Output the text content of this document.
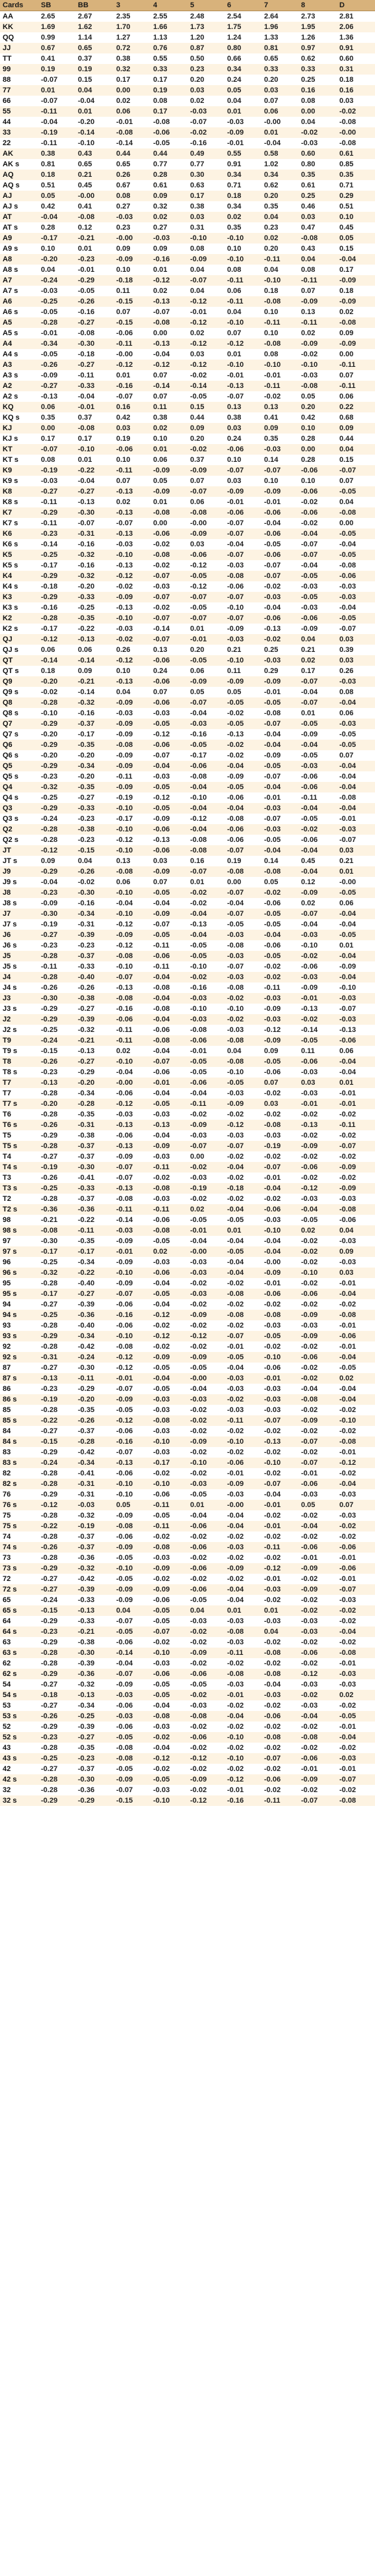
Cards	SB	BB	3	4	5	6	7	8	D
AA	2.65	2.67	2.35	2.55	2.48	2.54	2.64	2.73	2.81
KK	1.69	1.62	1.70	1.66	1.73	1.75	1.96	1.95	2.06
QQ	0.99	1.14	1.27	1.13	1.20	1.24	1.33	1.26	1.36
JJ	0.67	0.65	0.72	0.76	0.87	0.80	0.81	0.97	0.91
TT	0.41	0.37	0.38	0.55	0.50	0.66	0.65	0.62	0.60
99	0.19	0.19	0.32	0.33	0.23	0.34	0.33	0.33	0.31
88	-0.07	0.15	0.17	0.17	0.20	0.24	0.20	0.25	0.18
77	0.01	0.04	0.00	0.19	0.03	0.05	0.03	0.16	0.16
66	-0.07	-0.04	0.02	0.08	0.02	0.04	0.07	0.08	0.03
55	-0.11	0.01	0.06	0.17	-0.03	0.01	0.06	0.00	-0.02
44	-0.04	-0.20	-0.01	-0.08	-0.07	-0.03	-0.00	0.04	-0.08
33	-0.19	-0.14	-0.08	-0.06	-0.02	-0.09	0.01	-0.02	-0.00
22	-0.11	-0.10	-0.14	-0.05	-0.16	-0.01	-0.04	-0.03	-0.08
AK	0.38	0.43	0.44	0.44	0.49	0.55	0.58	0.60	0.61
AK s	0.81	0.65	0.65	0.77	0.77	0.91	1.02	0.80	0.85
AQ	0.18	0.21	0.26	0.28	0.30	0.34	0.34	0.35	0.35
AQ s	0.51	0.45	0.67	0.61	0.63	0.71	0.62	0.61	0.71
AJ	0.05	-0.00	0.08	0.09	0.17	0.18	0.20	0.25	0.29
AJ s	0.42	0.41	0.27	0.32	0.38	0.34	0.35	0.46	0.51
AT	-0.04	-0.08	-0.03	0.02	0.03	0.02	0.04	0.03	0.10
AT s	0.28	0.12	0.23	0.27	0.31	0.35	0.23	0.47	0.45
A9	-0.17	-0.21	-0.00	-0.03	-0.10	-0.10	0.02	-0.08	0.05
A9 s	0.10	0.01	0.09	0.09	0.08	0.10	0.20	0.43	0.15
A8	-0.20	-0.23	-0.09	-0.16	-0.09	-0.10	-0.11	0.04	-0.04
A8 s	0.04	-0.01	0.10	0.01	0.04	0.08	0.04	0.08	0.17
A7	-0.24	-0.29	-0.18	-0.12	-0.07	-0.11	-0.10	-0.11	-0.09
A7 s	-0.03	-0.05	0.11	0.02	0.04	0.06	0.18	0.07	0.18
A6	-0.25	-0.26	-0.15	-0.13	-0.12	-0.11	-0.08	-0.09	-0.09
A6 s	-0.05	-0.16	0.07	-0.07	-0.01	0.04	0.10	0.13	0.02
A5	-0.28	-0.27	-0.15	-0.08	-0.12	-0.10	-0.11	-0.11	-0.08
A5 s	-0.01	-0.08	-0.06	0.00	0.02	0.07	0.10	0.02	0.09
A4	-0.34	-0.30	-0.11	-0.13	-0.12	-0.12	-0.08	-0.09	-0.09
A4 s	-0.05	-0.18	-0.00	-0.04	0.03	0.01	0.08	-0.02	0.00
A3	-0.26	-0.27	-0.12	-0.12	-0.12	-0.10	-0.10	-0.10	-0.11
A3 s	-0.09	-0.11	0.01	0.07	-0.02	-0.01	-0.01	-0.03	0.07
A2	-0.27	-0.33	-0.16	-0.14	-0.14	-0.13	-0.11	-0.08	-0.11
A2 s	-0.13	-0.04	-0.07	0.07	-0.05	-0.07	-0.02	0.05	0.06
KQ	0.06	-0.01	0.16	0.11	0.15	0.13	0.13	0.20	0.22
KQ s	0.35	0.37	0.42	0.38	0.44	0.38	0.41	0.42	0.68
KJ	0.00	-0.08	0.03	0.02	0.09	0.03	0.09	0.10	0.09
KJ s	0.17	0.17	0.19	0.10	0.20	0.24	0.35	0.28	0.44
KT	-0.07	-0.10	-0.06	0.01	-0.02	-0.06	-0.03	0.00	0.04
KT s	0.08	0.01	0.10	0.06	0.37	0.10	0.14	0.28	0.15
K9	-0.19	-0.22	-0.11	-0.09	-0.09	-0.07	-0.07	-0.06	-0.07
K9 s	-0.03	-0.04	0.07	0.05	0.07	0.03	0.10	0.10	0.07
K8	-0.27	-0.27	-0.13	-0.09	-0.07	-0.09	-0.09	-0.06	-0.05
K8 s	-0.11	-0.13	0.02	0.01	0.06	-0.01	-0.01	-0.02	0.04
K7	-0.29	-0.30	-0.13	-0.08	-0.08	-0.06	-0.06	-0.06	-0.08
K7 s	-0.11	-0.07	-0.07	0.00	-0.00	-0.07	-0.04	-0.02	0.00
K6	-0.23	-0.31	-0.13	-0.06	-0.09	-0.07	-0.06	-0.04	-0.05
K6 s	-0.14	-0.16	-0.03	-0.02	0.03	-0.04	-0.05	-0.07	-0.04
K5	-0.25	-0.32	-0.10	-0.08	-0.06	-0.07	-0.06	-0.07	-0.05
K5 s	-0.17	-0.16	-0.13	-0.02	-0.12	-0.03	-0.07	-0.04	-0.08
K4	-0.29	-0.32	-0.12	-0.07	-0.05	-0.08	-0.07	-0.05	-0.06
K4 s	-0.18	-0.20	-0.02	-0.03	-0.12	-0.06	-0.02	-0.03	-0.03
K3	-0.29	-0.33	-0.09	-0.07	-0.07	-0.07	-0.03	-0.05	-0.03
K3 s	-0.16	-0.25	-0.13	-0.02	-0.05	-0.10	-0.04	-0.03	-0.04
K2	-0.28	-0.35	-0.10	-0.07	-0.07	-0.07	-0.06	-0.06	-0.05
K2 s	-0.17	-0.22	-0.03	-0.14	0.01	-0.09	-0.13	-0.09	-0.07
QJ	-0.12	-0.13	-0.02	-0.07	-0.01	-0.03	-0.02	0.04	0.03
QJ s	0.06	0.06	0.26	0.13	0.20	0.21	0.25	0.21	0.39
QT	-0.14	-0.14	-0.12	-0.06	-0.05	-0.10	-0.03	0.02	0.03
QT s	0.18	0.09	0.10	0.24	0.06	0.11	0.29	0.17	0.26
Q9	-0.20	-0.21	-0.13	-0.06	-0.09	-0.09	-0.09	-0.07	-0.03
Q9 s	-0.02	-0.14	0.04	0.07	0.05	0.05	-0.01	-0.04	0.08
Q8	-0.28	-0.32	-0.09	-0.06	-0.07	-0.05	-0.05	-0.07	-0.04
Q8 s	-0.10	-0.16	-0.03	-0.03	-0.04	-0.02	-0.08	0.01	0.06
Q7	-0.29	-0.37	-0.09	-0.05	-0.03	-0.05	-0.07	-0.05	-0.03
Q7 s	-0.20	-0.17	-0.09	-0.12	-0.16	-0.13	-0.04	-0.09	-0.05
Q6	-0.29	-0.35	-0.08	-0.06	-0.05	-0.02	-0.04	-0.04	-0.05
Q6 s	-0.20	-0.20	-0.09	-0.07	-0.17	-0.02	-0.09	-0.05	0.07
Q5	-0.29	-0.34	-0.09	-0.04	-0.06	-0.04	-0.05	-0.03	-0.04
Q5 s	-0.23	-0.20	-0.11	-0.03	-0.08	-0.09	-0.07	-0.06	-0.04
Q4	-0.32	-0.35	-0.09	-0.05	-0.04	-0.05	-0.04	-0.06	-0.04
Q4 s	-0.25	-0.27	-0.19	-0.12	-0.10	-0.06	-0.01	-0.11	-0.08
Q3	-0.29	-0.33	-0.10	-0.05	-0.04	-0.04	-0.03	-0.04	-0.04
Q3 s	-0.24	-0.23	-0.17	-0.09	-0.12	-0.08	-0.07	-0.05	-0.01
Q2	-0.28	-0.38	-0.10	-0.06	-0.04	-0.06	-0.03	-0.02	-0.03
Q2 s	-0.28	-0.23	-0.12	-0.13	-0.08	-0.06	-0.05	-0.06	-0.07
JT	-0.12	-0.15	-0.10	-0.06	-0.08	-0.07	-0.04	-0.04	0.03
JT s	0.09	0.04	0.13	0.03	0.16	0.19	0.14	0.45	0.21
J9	-0.29	-0.26	-0.08	-0.09	-0.07	-0.08	-0.08	-0.04	0.01
J9 s	-0.04	-0.02	0.06	0.07	0.01	0.00	0.05	0.12	-0.00
J8	-0.23	-0.30	-0.10	-0.05	-0.02	-0.07	-0.02	-0.09	-0.05
J8 s	-0.09	-0.16	-0.04	-0.04	-0.02	-0.04	-0.06	0.02	0.06
J7	-0.30	-0.34	-0.10	-0.09	-0.04	-0.07	-0.05	-0.07	-0.04
J7 s	-0.19	-0.31	-0.12	-0.07	-0.13	-0.05	-0.05	-0.04	-0.04
J6	-0.27	-0.39	-0.09	-0.05	-0.04	-0.03	-0.04	-0.03	-0.05
J6 s	-0.23	-0.23	-0.12	-0.11	-0.05	-0.08	-0.06	-0.10	0.01
J5	-0.28	-0.37	-0.08	-0.06	-0.05	-0.03	-0.05	-0.02	-0.04
J5 s	-0.11	-0.33	-0.10	-0.11	-0.10	-0.07	-0.02	-0.06	-0.09
J4	-0.28	-0.40	-0.07	-0.04	-0.02	-0.03	-0.02	-0.03	-0.04
J4 s	-0.26	-0.26	-0.13	-0.08	-0.16	-0.08	-0.11	-0.09	-0.10
J3	-0.30	-0.38	-0.08	-0.04	-0.03	-0.02	-0.03	-0.01	-0.03
J3 s	-0.29	-0.27	-0.16	-0.08	-0.10	-0.10	-0.09	-0.13	-0.07
J2	-0.29	-0.39	-0.06	-0.04	-0.03	-0.02	-0.03	-0.02	-0.03
J2 s	-0.25	-0.32	-0.11	-0.06	-0.08	-0.03	-0.12	-0.14	-0.13
T9	-0.24	-0.21	-0.11	-0.08	-0.06	-0.08	-0.09	-0.05	-0.06
T9 s	-0.15	-0.13	0.02	-0.04	-0.01	0.04	0.09	0.11	0.06
T8	-0.26	-0.27	-0.10	-0.07	-0.05	-0.08	-0.05	-0.06	-0.04
T8 s	-0.23	-0.29	-0.04	-0.06	-0.05	-0.10	-0.06	-0.03	-0.04
T7	-0.13	-0.20	-0.00	-0.01	-0.06	-0.05	0.07	0.03	0.01
T7	-0.28	-0.34	-0.06	-0.04	-0.04	-0.03	-0.02	-0.03	-0.01
T7 s	-0.20	-0.28	-0.12	-0.05	-0.11	-0.09	0.03	-0.01	-0.01
T6	-0.28	-0.35	-0.03	-0.03	-0.02	-0.02	-0.02	-0.02	-0.02
T6 s	-0.26	-0.31	-0.13	-0.13	-0.09	-0.12	-0.08	-0.13	-0.11
T5	-0.29	-0.38	-0.06	-0.04	-0.03	-0.03	-0.03	-0.02	-0.02
T5 s	-0.28	-0.37	-0.13	-0.09	-0.07	-0.07	-0.19	-0.09	-0.07
T4	-0.27	-0.37	-0.09	-0.03	0.00	-0.02	-0.02	-0.02	-0.02
T4 s	-0.19	-0.30	-0.07	-0.11	-0.02	-0.04	-0.07	-0.06	-0.09
T3	-0.26	-0.41	-0.07	-0.02	-0.03	-0.02	-0.01	-0.02	-0.02
T3 s	-0.25	-0.33	-0.13	-0.08	-0.19	-0.18	-0.04	-0.12	-0.09
T2	-0.28	-0.37	-0.08	-0.03	-0.02	-0.02	-0.02	-0.03	-0.03
T2 s	-0.36	-0.36	-0.11	-0.11	0.02	-0.04	-0.06	-0.04	-0.08
98	-0.21	-0.22	-0.14	-0.06	-0.05	-0.05	-0.03	-0.05	-0.06
98 s	-0.08	-0.11	-0.03	-0.08	-0.01	0.01	-0.10	0.02	0.04
97	-0.30	-0.35	-0.09	-0.05	-0.04	-0.04	-0.04	-0.02	-0.03
97 s	-0.17	-0.17	-0.01	0.02	-0.00	-0.05	-0.04	-0.02	0.09
96	-0.25	-0.34	-0.09	-0.03	-0.03	-0.04	-0.00	-0.02	-0.03
96 s	-0.32	-0.22	-0.10	-0.06	-0.03	-0.04	-0.09	-0.10	0.03
95	-0.28	-0.40	-0.09	-0.04	-0.02	-0.02	-0.01	-0.02	-0.01
95 s	-0.17	-0.27	-0.07	-0.05	-0.03	-0.08	-0.06	-0.06	-0.04
94	-0.27	-0.39	-0.06	-0.04	-0.02	-0.02	-0.02	-0.02	-0.02
94 s	-0.25	-0.36	-0.16	-0.12	-0.09	-0.08	-0.08	-0.09	-0.08
93	-0.28	-0.40	-0.06	-0.02	-0.02	-0.02	-0.03	-0.03	-0.01
93 s	-0.29	-0.34	-0.10	-0.12	-0.12	-0.07	-0.05	-0.09	-0.06
92	-0.28	-0.42	-0.08	-0.02	-0.02	-0.01	-0.02	-0.02	-0.01
92 s	-0.31	-0.24	-0.12	-0.09	-0.09	-0.05	-0.10	-0.06	-0.04
87	-0.27	-0.30	-0.12	-0.05	-0.05	-0.04	-0.06	-0.02	-0.05
87 s	-0.13	-0.11	-0.01	-0.04	-0.00	-0.03	-0.01	-0.02	0.02
86	-0.23	-0.29	-0.07	-0.05	-0.04	-0.03	-0.03	-0.04	-0.04
86 s	-0.19	-0.20	-0.09	-0.03	-0.03	-0.02	-0.03	-0.08	-0.04
85	-0.28	-0.35	-0.05	-0.03	-0.02	-0.03	-0.03	-0.02	-0.02
85 s	-0.22	-0.26	-0.12	-0.08	-0.02	-0.11	-0.07	-0.09	-0.10
84	-0.27	-0.37	-0.06	-0.03	-0.02	-0.02	-0.02	-0.02	-0.02
84 s	-0.15	-0.28	-0.16	-0.10	-0.09	-0.10	-0.13	-0.07	-0.08
83	-0.29	-0.42	-0.07	-0.03	-0.02	-0.02	-0.02	-0.02	-0.01
83 s	-0.24	-0.34	-0.13	-0.17	-0.10	-0.06	-0.10	-0.07	-0.12
82	-0.28	-0.41	-0.06	-0.02	-0.02	-0.01	-0.02	-0.01	-0.02
82 s	-0.28	-0.31	-0.10	-0.10	-0.03	-0.09	-0.07	-0.06	-0.04
76	-0.29	-0.31	-0.10	-0.06	-0.05	-0.03	-0.04	-0.03	-0.03
76 s	-0.12	-0.03	0.05	-0.11	0.01	-0.00	-0.01	0.05	0.07
75	-0.28	-0.32	-0.09	-0.05	-0.04	-0.04	-0.02	-0.02	-0.03
75 s	-0.22	-0.19	-0.08	-0.11	-0.06	-0.04	-0.01	-0.04	-0.02
74	-0.28	-0.37	-0.06	-0.02	-0.02	-0.02	-0.02	-0.02	-0.02
74 s	-0.26	-0.37	-0.09	-0.08	-0.06	-0.03	-0.11	-0.06	-0.06
73	-0.28	-0.36	-0.05	-0.03	-0.02	-0.02	-0.02	-0.01	-0.01
73 s	-0.29	-0.32	-0.10	-0.09	-0.06	-0.09	-0.12	-0.09	-0.06
72	-0.27	-0.42	-0.05	-0.02	-0.02	-0.02	-0.01	-0.02	-0.01
72 s	-0.27	-0.39	-0.09	-0.09	-0.06	-0.04	-0.03	-0.09	-0.07
65	-0.24	-0.33	-0.09	-0.06	-0.05	-0.04	-0.02	-0.02	-0.03
65 s	-0.15	-0.13	0.04	-0.05	0.04	0.01	0.01	-0.02	-0.02
64	-0.29	-0.33	-0.07	-0.05	-0.03	-0.03	-0.03	-0.03	-0.02
64 s	-0.23	-0.21	-0.05	-0.07	-0.02	-0.08	0.04	-0.03	-0.04
63	-0.29	-0.38	-0.06	-0.02	-0.02	-0.03	-0.02	-0.02	-0.02
63 s	-0.28	-0.30	-0.14	-0.10	-0.09	-0.11	-0.08	-0.06	-0.08
62	-0.28	-0.39	-0.04	-0.03	-0.02	-0.02	-0.02	-0.02	-0.01
62 s	-0.29	-0.36	-0.07	-0.06	-0.06	-0.08	-0.08	-0.12	-0.03
54	-0.27	-0.32	-0.09	-0.05	-0.05	-0.03	-0.04	-0.03	-0.03
54 s	-0.18	-0.13	-0.03	-0.05	-0.02	-0.01	-0.03	-0.02	0.02
53	-0.27	-0.34	-0.06	-0.04	-0.03	-0.02	-0.02	-0.03	-0.02
53 s	-0.26	-0.25	-0.03	-0.08	-0.08	-0.04	-0.06	-0.04	-0.05
52	-0.29	-0.39	-0.06	-0.03	-0.02	-0.02	-0.02	-0.02	-0.01
52 s	-0.23	-0.27	-0.05	-0.02	-0.06	-0.10	-0.08	-0.08	-0.04
43	-0.28	-0.35	-0.08	-0.04	-0.02	-0.02	-0.02	-0.02	-0.02
43 s	-0.25	-0.23	-0.08	-0.12	-0.12	-0.10	-0.07	-0.06	-0.03
42	-0.27	-0.37	-0.05	-0.02	-0.02	-0.02	-0.02	-0.01	-0.01
42 s	-0.28	-0.30	-0.09	-0.05	-0.09	-0.12	-0.06	-0.09	-0.07
32	-0.28	-0.36	-0.07	-0.03	-0.02	-0.01	-0.02	-0.02	-0.02
32 s	-0.29	-0.29	-0.15	-0.10	-0.12	-0.16	-0.11	-0.07	-0.08
